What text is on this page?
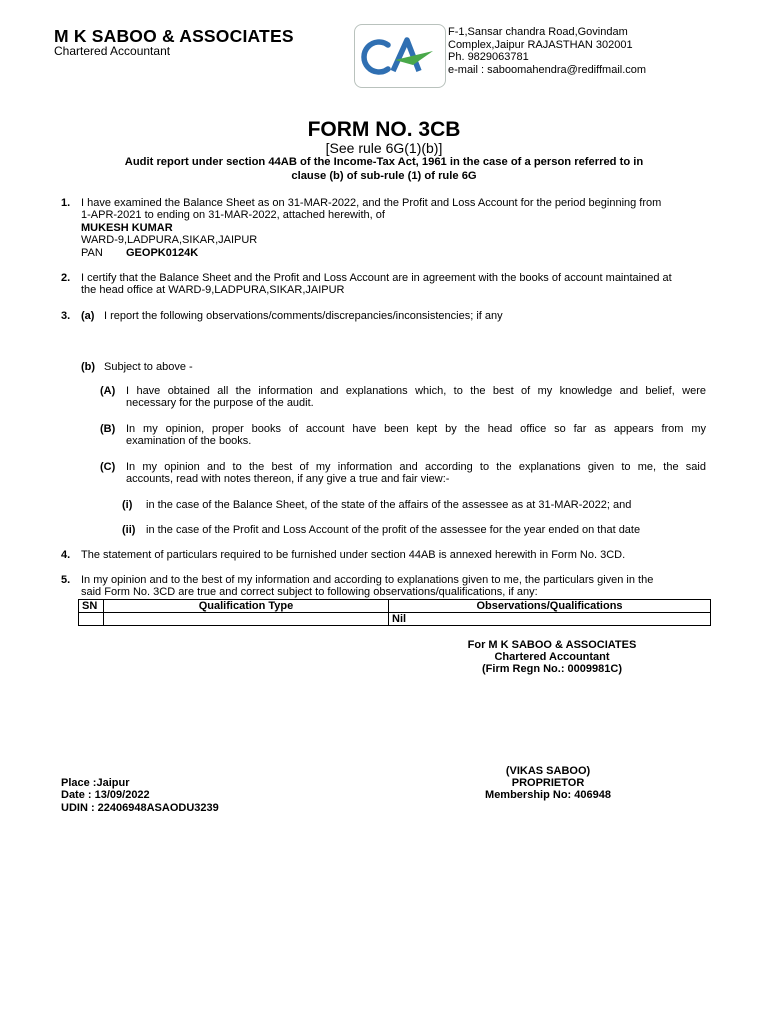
M K SABOO & ASSOCIATES
Chartered Accountant
F-1,Sansar chandra Road,Govindam
Complex,Jaipur RAJASTHAN 302001
Ph. 9829063781
e-mail : saboomahendra@rediffmail.com
FORM NO. 3CB
[See rule 6G(1)(b)]
Audit report under section 44AB of the Income-Tax Act, 1961 in the case of a person referred to in
clause (b) of sub-rule (1) of rule 6G
1. I have examined the Balance Sheet as on 31-MAR-2022, and the Profit and Loss Account for the period beginning from
1-APR-2021 to ending on 31-MAR-2022, attached herewith, of
MUKESH KUMAR
WARD-9,LADPURA,SIKAR,JAIPUR
PAN GEOPK0124K
2. I certify that the Balance Sheet and the Profit and Loss Account are in agreement with the books of account maintained at
the head office at WARD-9,LADPURA,SIKAR,JAIPUR
3. (a) I report the following observations/comments/discrepancies/inconsistencies; if any
(b) Subject to above -
(A) I have obtained all the information and explanations which, to the best of my knowledge and belief, were
necessary for the purpose of the audit.
(B) In my opinion, proper books of account have been kept by the head office so far as appears from my
examination of the books.
(C) In my opinion and to the best of my information and according to the explanations given to me, the said
accounts, read with notes thereon, if any give a true and fair view:-
(i) in the case of the Balance Sheet, of the state of the affairs of the assessee as at 31-MAR-2022; and
(ii) in the case of the Profit and Loss Account of the profit of the assessee for the year ended on that date
4. The statement of particulars required to be furnished under section 44AB is annexed herewith in Form No. 3CD.
5. In my opinion and to the best of my information and according to explanations given to me, the particulars given in the
said Form No. 3CD are true and correct subject to following observations/qualifications, if any:
SN	Qualification Type	Observations/Qualifications
		Nil
For M K SABOO & ASSOCIATES
Chartered Accountant
(Firm Regn No.: 0009981C)
(VIKAS SABOO)
PROPRIETOR
Membership No: 406948
Place :Jaipur
Date : 13/09/2022
UDIN : 22406948ASAODU3239
